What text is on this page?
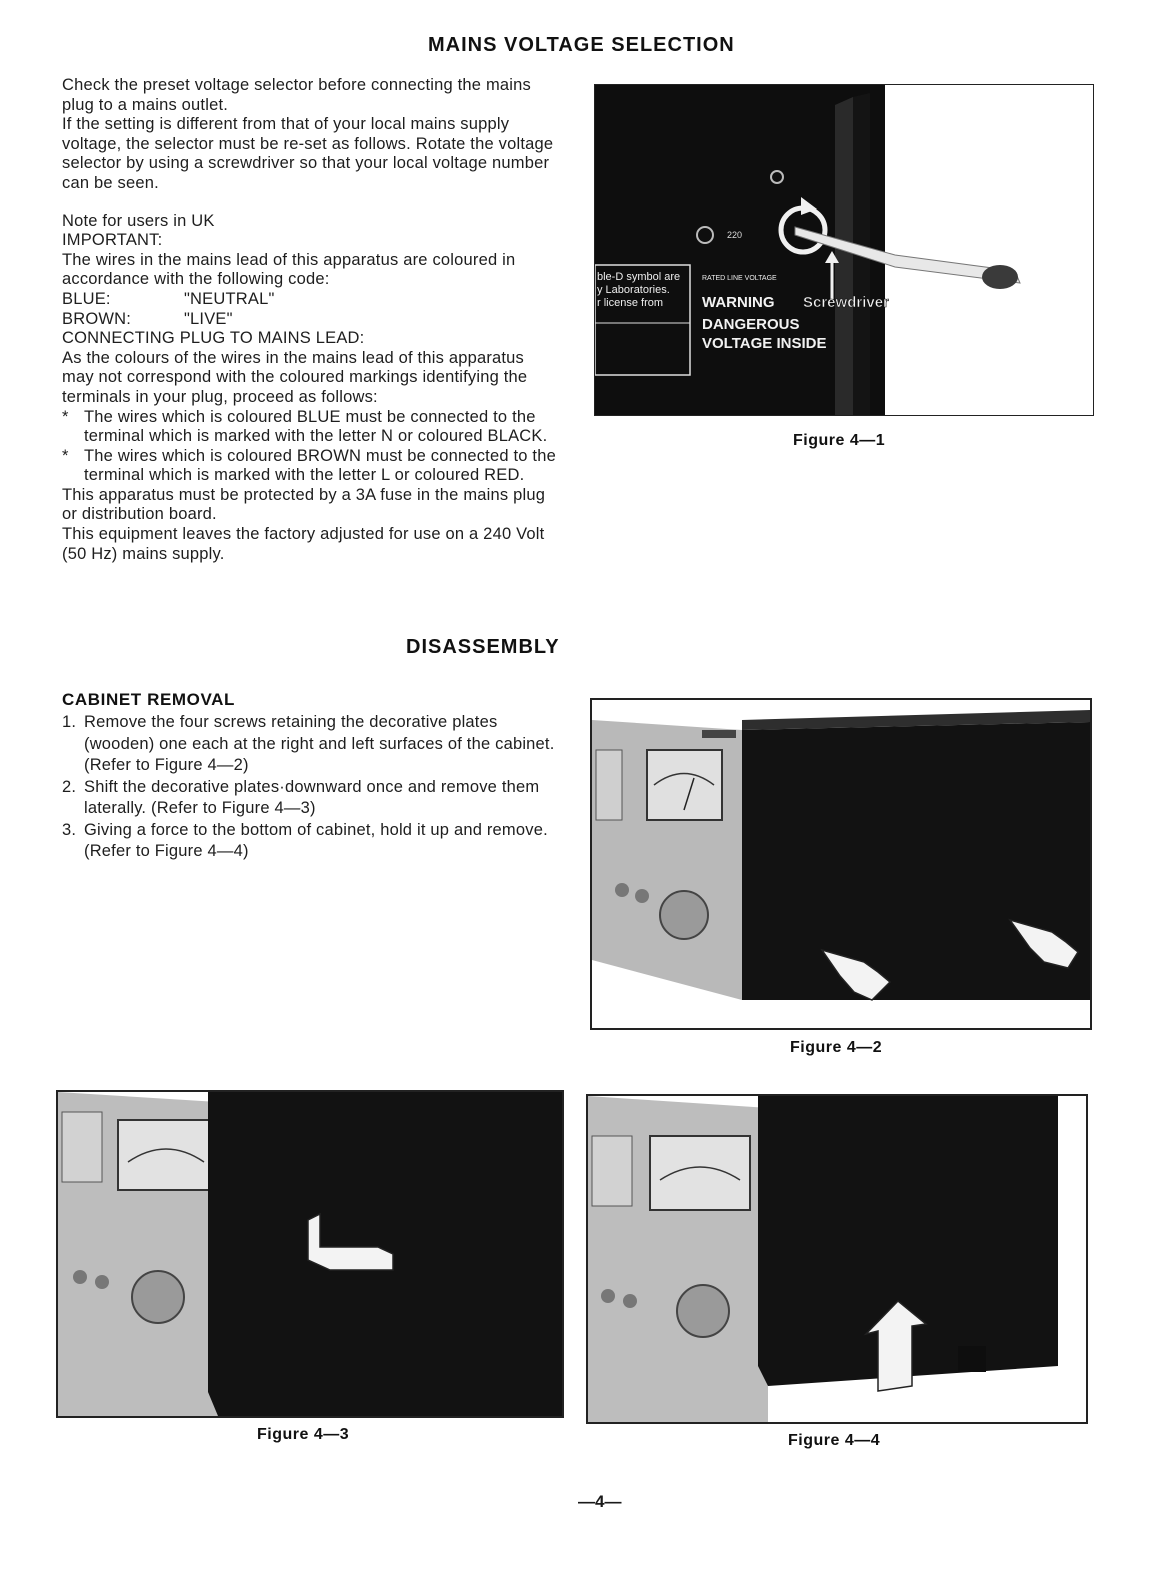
MAINS VOLTAGE SELECTION

Check the preset voltage selector before connecting the mains plug to a mains outlet.

If the setting is different from that of your local mains supply voltage, the selector must be re-set as follows. Rotate the voltage selector by using a screwdriver so that your local voltage number can be seen.

Note for users in UK

IMPORTANT:

The wires in the mains lead of this apparatus are coloured in accordance with the following code:

BLUE:	"NEUTRAL"
BROWN:	"LIVE"

CONNECTING PLUG TO MAINS LEAD:

As the colours of the wires in the mains lead of this apparatus may not correspond with the coloured markings identifying the terminals in your plug, proceed as follows:

* The wires which is coloured BLUE must be connected to the terminal which is marked with the letter N or coloured BLACK.
* The wires which is coloured BROWN must be connected to the terminal which is marked with the letter L or coloured RED.

This apparatus must be protected by a 3A fuse in the mains plug or distribution board.

This equipment leaves the factory adjusted for use on a 240 Volt (50 Hz) mains supply.

ble-D symbol are
y Laboratories.
r license from
RATED LINE VOLTAGE
WARNING
DANGEROUS
VOLTAGE INSIDE
220
Screwdriver
Figure 4—1
DISASSEMBLY
CABINET REMOVAL
1. Remove the four screws retaining the decorative plates (wooden) one each at the right and left surfaces of the cabinet. (Refer to Figure 4—2)
2. Shift the decorative plates·downward once and remove them laterally. (Refer to Figure 4—3)
3. Giving a force to the bottom of cabinet, hold it up and remove. (Refer to Figure 4—4)
Figure 4—2
Figure 4—3	Figure 4—4
—4—
